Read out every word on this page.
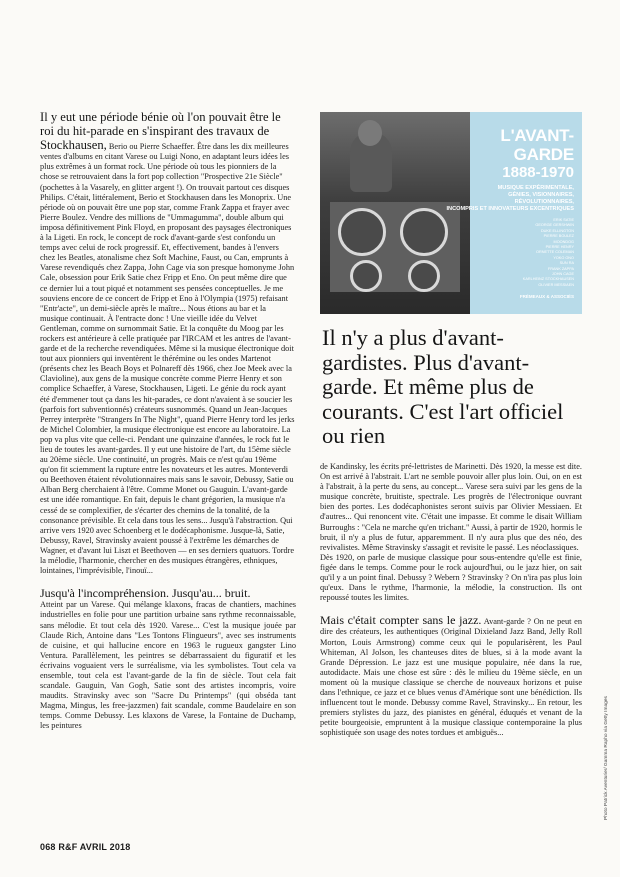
Il y eut une période bénie où l'on pouvait être le roi du hit-parade en s'inspirant des travaux de Stockhausen, Berio ou Pierre Schaeffer. Être dans les dix meilleures ventes d'albums en citant Varese ou Luigi Nono, en adaptant leurs idées les plus extrêmes à un format rock. Une période où tous les pionniers de la chose se retrouvaient dans la fort pop collection "Prospective 21e Siècle" (pochettes à la Vasarely, en glitter argent !). On trouvait partout ces disques Philips. C'était, littéralement, Berio et Stockhausen dans les Monoprix. Une période où on pouvait être une pop star, comme Frank Zappa et frayer avec Pierre Boulez. Vendre des millions de "Ummagumma", double album qui imposa définitivement Pink Floyd, en proposant des paysages électroniques à la Ligeti. En rock, le concept de rock d'avant-garde s'est confondu un temps avec celui de rock progressif. Et, effectivement, bandes à l'envers chez les Beatles, atonalisme chez Soft Machine, Faust, ou Can, emprunts à Varese revendiqués chez Zappa, John Cage via son presque homonyme John Cale, obsession pour Erik Satie chez Fripp et Eno. On peut même dire que ce dernier lui a tout piqué et notamment ses pensées conceptuelles. Je me souviens encore de ce concert de Fripp et Eno à l'Olympia (1975) refaisant "Entr'acte", un demi-siècle après le maître... Nous étions au bar et la musique continuait. À l'entracte donc ! Une vieille idée du Velvet Gentleman, comme on surnommait Satie. Et la conquête du Moog par les rockers est antérieure à celle pratiquée par l'IRCAM et les antres de l'avant-garde et de la recherche revendiquées. Même si la musique électronique doit tout aux pionniers qui inventèrent le thérémine ou les ondes Martenot (présents chez les Beach Boys et Polnareff dès 1966, chez Joe Meek avec la Clavioline), aux gens de la musique concrète comme Pierre Henry et son complice Schaeffer, à Varese, Stockhausen, Ligeti. Le génie du rock ayant été d'emmener tout ça dans les hit-parades, ce dont n'avaient à se soucier les (parfois fort subventionnés) créateurs susnommés. Quand un Jean-Jacques Perrey interprète "Strangers In The Night", quand Pierre Henry tord les jerks de Michel Colombier, la musique électronique est encore au laboratoire. La pop va plus vite que celle-ci. Pendant une quinzaine d'années, le rock fut le lieu de toutes les avant-gardes. Il y eut une histoire de l'art, du 15ème siècle au 20ème siècle. Une continuité, un progrès. Mais ce n'est qu'au 19ème qu'on fit sciemment la rupture entre les novateurs et les autres. Monteverdi ou Beethoven étaient révolutionnaires mais sans le savoir, Debussy, Satie ou Alban Berg cherchaient à l'être. Comme Monet ou Gauguin. L'avant-garde est une idée romantique. En fait, depuis le chant grégorien, la musique n'a cessé de se complexifier, de s'écarter des chemins de la tonalité, de la consonance prévisible. Et cela dans tous les sens... Jusqu'à l'abstraction. Qui arrive vers 1920 avec Schoenberg et le dodécaphonisme. Jusque-là, Satie, Debussy, Ravel, Stravinsky avaient poussé à l'extrême les démarches de Wagner, et d'avant lui Liszt et Beethoven — en ses derniers quatuors. Tordre la mélodie, l'harmonie, chercher en des musiques étrangères, ethniques, lointaines, l'imprévisible, l'inouï...

Jusqu'à l'incompréhension. Jusqu'au... bruit.
Atteint par un Varese. Qui mélange klaxons, fracas de chantiers, machines industrielles en folie pour une partition urbaine sans rythme reconnaissable, sans mélodie. Et tout cela dès 1920. Varese... C'est la musique jouée par Claude Rich, Antoine dans "Les Tontons Flingueurs", avec ses instruments de cuisine, et qui hallucine encore en 1963 le rugueux gangster Lino Ventura. Parallèlement, les peintres se débarrassaient du figuratif et les écrivains voguaient vers le surréalisme, via les symbolistes. Tout cela va ensemble, tout cela est l'avant-garde de la fin de siècle. Tout cela fait scandale. Gauguin, Van Gogh, Satie sont des artistes incompris, voire maudits. Stravinsky avec son "Sacre Du Printemps" (qui obséda tant Magma, Mingus, les free-jazzmen) fait scandale, comme Baudelaire en son temps. Comme Debussy. Les klaxons de Varese, la Fontaine de Duchamp, les peintures

L'AVANT-GARDE
1888-1970
MUSIQUE EXPÉRIMENTALE,
GÉNIES, VISIONNAIRES,
RÉVOLUTIONNAIRES,
INCOMPRIS ET INNOVATEURS EXCENTRIQUES
ERIK SATIE
GEORGE GERSHWIN
DUKE ELLINGTON
PIERRE BOULEZ
MOONDOG
PIERRE HENRY
ORNETTE COLEMAN
YOKO ONO
SUN RA
FRANK ZAPPA
JOHN CAGE
KARLHEINZ STOCKHAUSEN
OLIVIER MESSIAEN
FRÉMEAUX & ASSOCIÉS
Il n'y a plus d'avant-gardistes. Plus d'avant-garde. Et même plus de courants. C'est l'art officiel ou rien

de Kandinsky, les écrits pré-lettristes de Marinetti. Dès 1920, la messe est dite. On est arrivé à l'abstrait. L'art ne semble pouvoir aller plus loin. Oui, on en est à l'abstrait, à la perte du sens, au concept... Varese sera suivi par les gens de la musique concrète, bruitiste, spectrale. Les progrès de l'électronique ouvrant bien des portes. Les dodécaphonistes seront suivis par Olivier Messiaen. Et d'autres... Qui renoncent vite. C'était une impasse. Et comme le disait William Burroughs : "Cela ne marche qu'en trichant." Aussi, à partir de 1920, hormis le bruit, il n'y a plus de futur, apparemment. Il n'y aura plus que des néo, des revivalistes. Même Stravinsky s'assagit et revisite le passé. Les néoclassiques.

Dès 1920, on parle de musique classique pour sous-entendre qu'elle est finie, figée dans le temps. Comme pour le rock aujourd'hui, ou le jazz hier, on sait qu'il y a un point final. Debussy ? Webern ? Stravinsky ? On n'ira pas plus loin qu'eux. Dans le rythme, l'harmonie, la mélodie, la construction. Ils ont repoussé toutes les limites.

Mais c'était compter sans le jazz. Avant-garde ? On ne peut en dire des créateurs, les authentiques (Original Dixieland Jazz Band, Jelly Roll Morton, Louis Armstrong) comme ceux qui le popularisèrent, les Paul Whiteman, Al Jolson, les chanteuses dites de blues, si à la mode avant la Grande Dépression. Le jazz est une musique populaire, née dans la rue, autodidacte. Mais une chose est sûre : dès le milieu du 19ème siècle, en un moment où la musique classique se cherche de nouveaux horizons et puise dans l'ethnique, ce jazz et ce blues venus d'Amérique sont une bénédiction. Ils influencent tout le monde. Debussy comme Ravel, Stravinsky... En retour, les premiers stylistes du jazz, des pianistes en général, éduqués et venant de la petite bourgeoisie, empruntent à la musique classique contemporaine la plus sophistiquée son usage des notes tordues et ambiguës...

068 R&F AVRIL 2018
Photo Patrick Aventurier/ Gamma Rapho via Getty Images
